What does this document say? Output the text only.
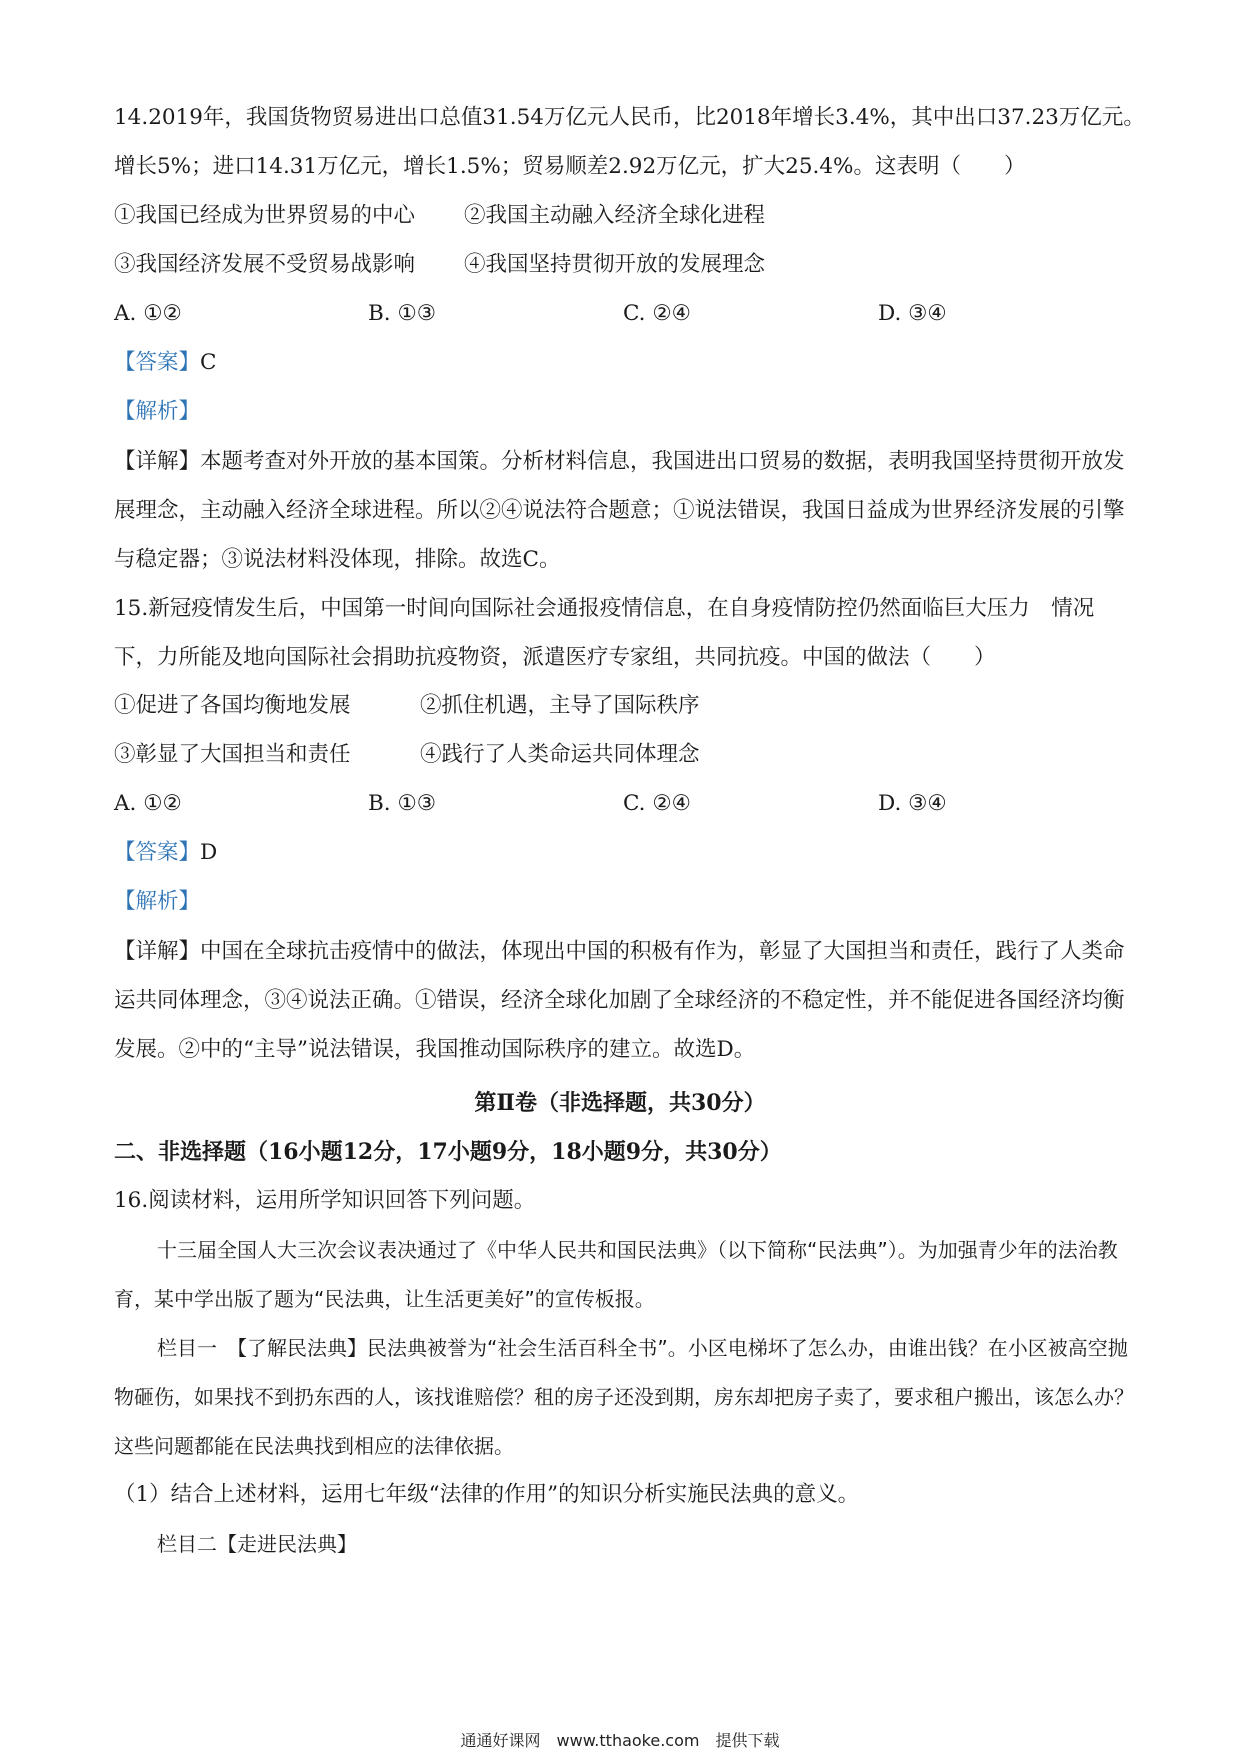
14.2019年，我国货物贸易进出口总值31.54万亿元人民币，比2018年增长3.4%，其中出口37.23万亿元。
增长5%；进口14.31万亿元，增长1.5%；贸易顺差2.92万亿元，扩大25.4%。这表明（　　）
①我国已经成为世界贸易的中心 ②我国主动融入经济全球化进程
③我国经济发展不受贸易战影响 ④我国坚持贯彻开放的发展理念
A. ①②	B. ①③	C. ②④	D. ③④
【答案】C
【解析】
【详解】本题考查对外开放的基本国策。分析材料信息，我国进出口贸易的数据，表明我国坚持贯彻开放发展理念，主动融入经济全球进程。所以②④说法符合题意；①说法错误，我国日益成为世界经济发展的引擎与稳定器；③说法材料没体现，排除。故选C。
15.新冠疫情发生后，中国第一时间向国际社会通报疫情信息，在自身疫情防控仍然面临巨大压力　情况下，力所能及地向国际社会捐助抗疫物资，派遣医疗专家组，共同抗疫。中国的做法（　　）
①促进了各国均衡地发展	②抓住机遇，主导了国际秩序
③彰显了大国担当和责任	④践行了人类命运共同体理念
A. ①②	B. ①③	C. ②④	D. ③④
【答案】D
【解析】
【详解】中国在全球抗击疫情中的做法，体现出中国的积极有作为，彰显了大国担当和责任，践行了人类命运共同体理念，③④说法正确。①错误，经济全球化加剧了全球经济的不稳定性，并不能促进各国经济均衡发展。②中的“主导”说法错误，我国推动国际秩序的建立。故选D。
第Ⅱ卷（非选择题，共30分）
二、非选择题（16小题12分，17小题9分，18小题9分，共30分）
16.阅读材料，运用所学知识回答下列问题。
十三届全国人大三次会议表决通过了《中华人民共和国民法典》（以下简称“民法典”）。为加强青少年的法治教育，某中学出版了题为“民法典，让生活更美好”的宣传板报。
栏目一　【了解民法典】民法典被誉为“社会生活百科全书”。小区电梯坏了怎么办，由谁出钱？在小区被高空抛物砸伤，如果找不到扔东西的人，该找谁赔偿？租的房子还没到期，房东却把房子卖了，要求租户搬出，该怎么办？这些问题都能在民法典找到相应的法律依据。
（1）结合上述材料，运用七年级“法律的作用”的知识分析实施民法典的意义。
栏目二【走进民法典】
通通好课网　www.tthaoke.com　提供下载
